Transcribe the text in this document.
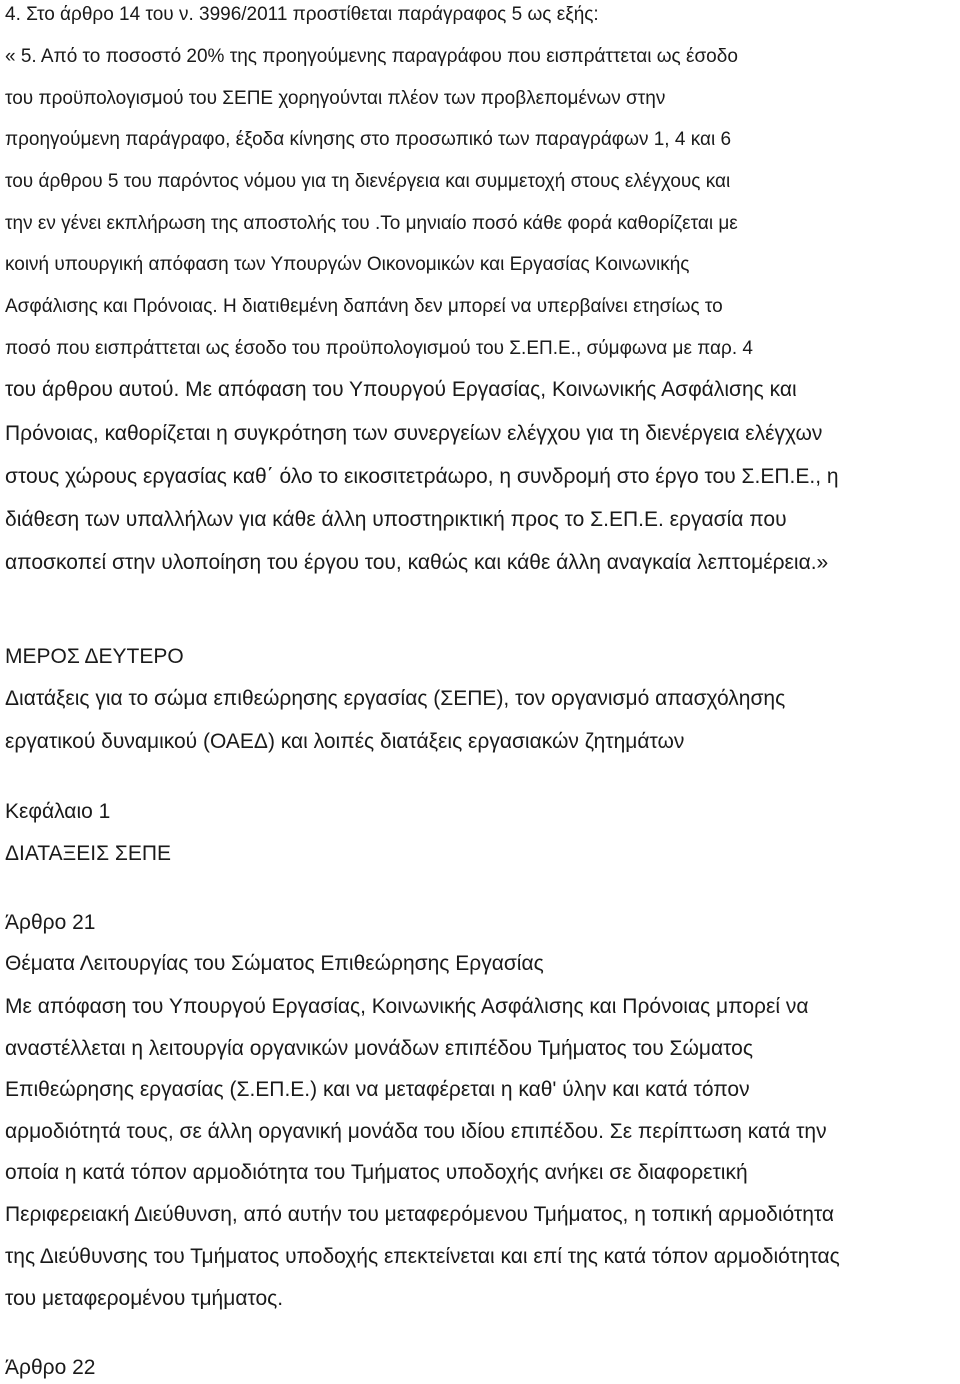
4. Στο άρθρο 14 του ν. 3996/2011 προστίθεται παράγραφος 5 ως εξής:
« 5. Από το ποσοστό 20% της προηγούμενης παραγράφου που εισπράττεται ως έσοδο
του προϋπολογισμού του ΣΕΠΕ χορηγούνται πλέον των προβλεπομένων στην
προηγούμενη παράγραφο, έξοδα κίνησης στο προσωπικό των παραγράφων 1, 4 και 6
του άρθρου 5 του παρόντος νόμου για τη διενέργεια και συμμετοχή στους ελέγχους και
την εν γένει εκπλήρωση της αποστολής του .Το μηνιαίο ποσό κάθε φορά καθορίζεται με
κοινή υπουργική απόφαση των Υπουργών Οικονομικών και Εργασίας Κοινωνικής
Ασφάλισης και Πρόνοιας. Η διατιθεμένη δαπάνη δεν μπορεί να υπερβαίνει ετησίως το
ποσό που εισπράττεται ως έσοδο του προϋπολογισμού του Σ.ΕΠ.Ε., σύμφωνα με παρ. 4
του άρθρου αυτού. Με απόφαση του Υπουργού Εργασίας, Κοινωνικής Ασφάλισης και
Πρόνοιας, καθορίζεται η συγκρότηση των συνεργείων ελέγχου για τη διενέργεια ελέγχων
στους χώρους εργασίας καθ΄ όλο το εικοσιτετράωρο, η συνδρομή στο έργο του Σ.ΕΠ.Ε., η
διάθεση των υπαλλήλων για κάθε άλλη υποστηρικτική προς το Σ.ΕΠ.Ε. εργασία που
αποσκοπεί στην υλοποίηση του έργου του, καθώς και κάθε άλλη αναγκαία λεπτομέρεια.»
ΜΕΡΟΣ ΔΕΥΤΕΡΟ
Διατάξεις για το σώμα επιθεώρησης εργασίας (ΣΕΠΕ), τον οργανισμό απασχόλησης
εργατικού δυναμικού (ΟΑΕΔ) και λοιπές διατάξεις εργασιακών ζητημάτων
Κεφάλαιο 1
ΔΙΑΤΑΞΕΙΣ ΣΕΠΕ
Άρθρο 21
Θέματα Λειτουργίας του Σώματος Επιθεώρησης Εργασίας
Με απόφαση του Υπουργού Εργασίας, Κοινωνικής Ασφάλισης και Πρόνοιας μπορεί να
αναστέλλεται η λειτουργία οργανικών μονάδων επιπέδου Τμήματος του Σώματος
Επιθεώρησης εργασίας (Σ.ΕΠ.Ε.) και να μεταφέρεται η καθ' ύλην και κατά τόπον
αρμοδιότητά τους, σε άλλη οργανική μονάδα του ιδίου επιπέδου. Σε περίπτωση κατά την
οποία η κατά τόπον αρμοδιότητα του Τμήματος υποδοχής ανήκει σε διαφορετική
Περιφερειακή Διεύθυνση, από αυτήν του μεταφερόμενου Τμήματος, η τοπική αρμοδιότητα
της Διεύθυνσης του Τμήματος υποδοχής επεκτείνεται και επί της κατά τόπον αρμοδιότητας
του μεταφερομένου τμήματος.
Άρθρο 22
